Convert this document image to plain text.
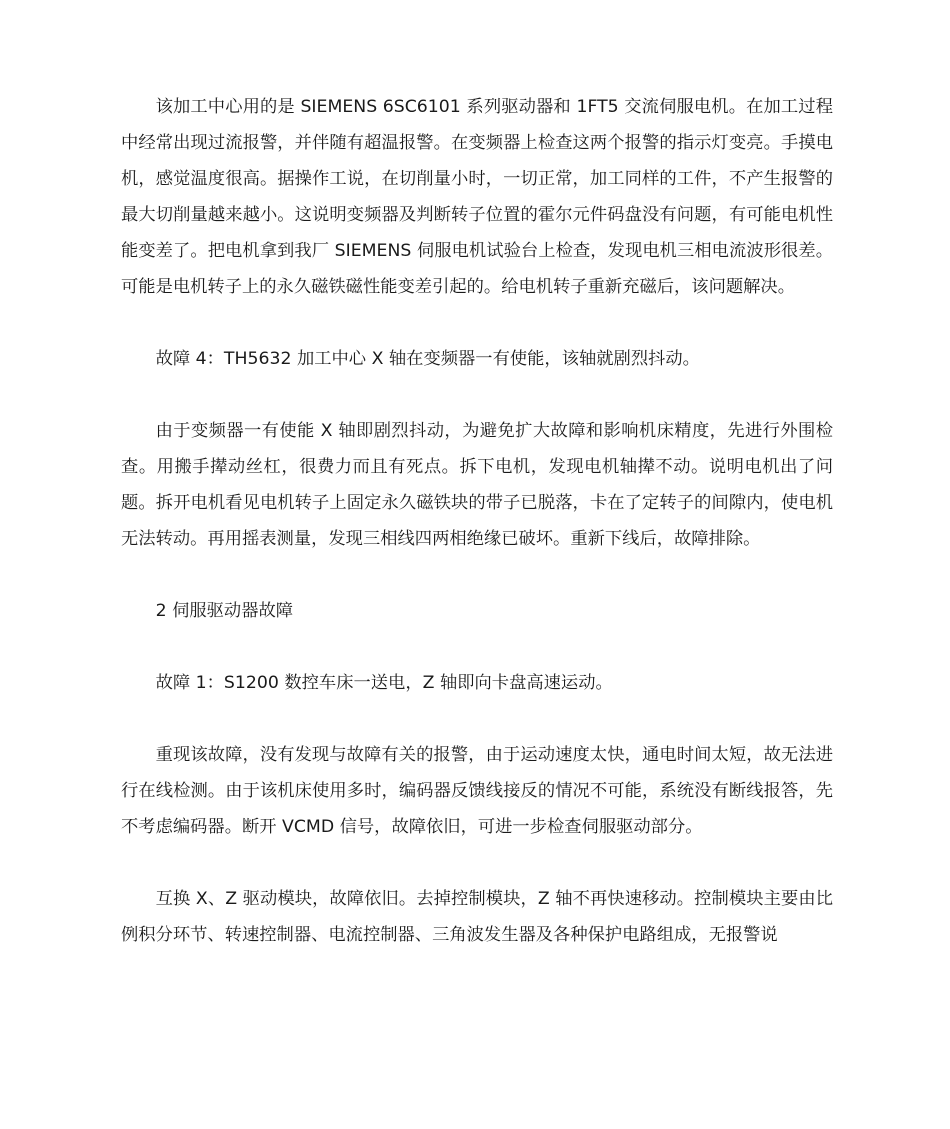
该加工中心用的是 SIEMENS 6SC6101 系列驱动器和 1FT5 交流伺服电机。在加工过程中经常出现过流报警，并伴随有超温报警。在变频器上检查这两个报警的指示灯变亮。手摸电机，感觉温度很高。据操作工说，在切削量小时，一切正常，加工同样的工件，不产生报警的最大切削量越来越小。这说明变频器及判断转子位置的霍尔元件码盘没有问题，有可能电机性能变差了。把电机拿到我厂 SIEMENS 伺服电机试验台上检查，发现电机三相电流波形很差。可能是电机转子上的永久磁铁磁性能变差引起的。给电机转子重新充磁后，该问题解决。

故障 4：TH5632 加工中心 X 轴在变频器一有使能，该轴就剧烈抖动。

由于变频器一有使能 X 轴即剧烈抖动，为避免扩大故障和影响机床精度，先进行外围检查。用搬手撵动丝杠，很费力而且有死点。拆下电机，发现电机轴撵不动。说明电机出了问题。拆开电机看见电机转子上固定永久磁铁块的带子已脱落，卡在了定转子的间隙内，使电机无法转动。再用摇表测量，发现三相线四两相绝缘已破坏。重新下线后，故障排除。

2 伺服驱动器故障

故障 1：S1200 数控车床一送电，Z 轴即向卡盘高速运动。

重现该故障，没有发现与故障有关的报警，由于运动速度太快，通电时间太短，故无法进行在线检测。由于该机床使用多时，编码器反馈线接反的情况不可能，系统没有断线报答，先不考虑编码器。断开 VCMD 信号，故障依旧，可进一步检查伺服驱动部分。

互换 X、Z 驱动模块，故障依旧。去掉控制模块，Z 轴不再快速移动。控制模块主要由比例积分环节、转速控制器、电流控制器、三角波发生器及各种保护电路组成，无报警说
